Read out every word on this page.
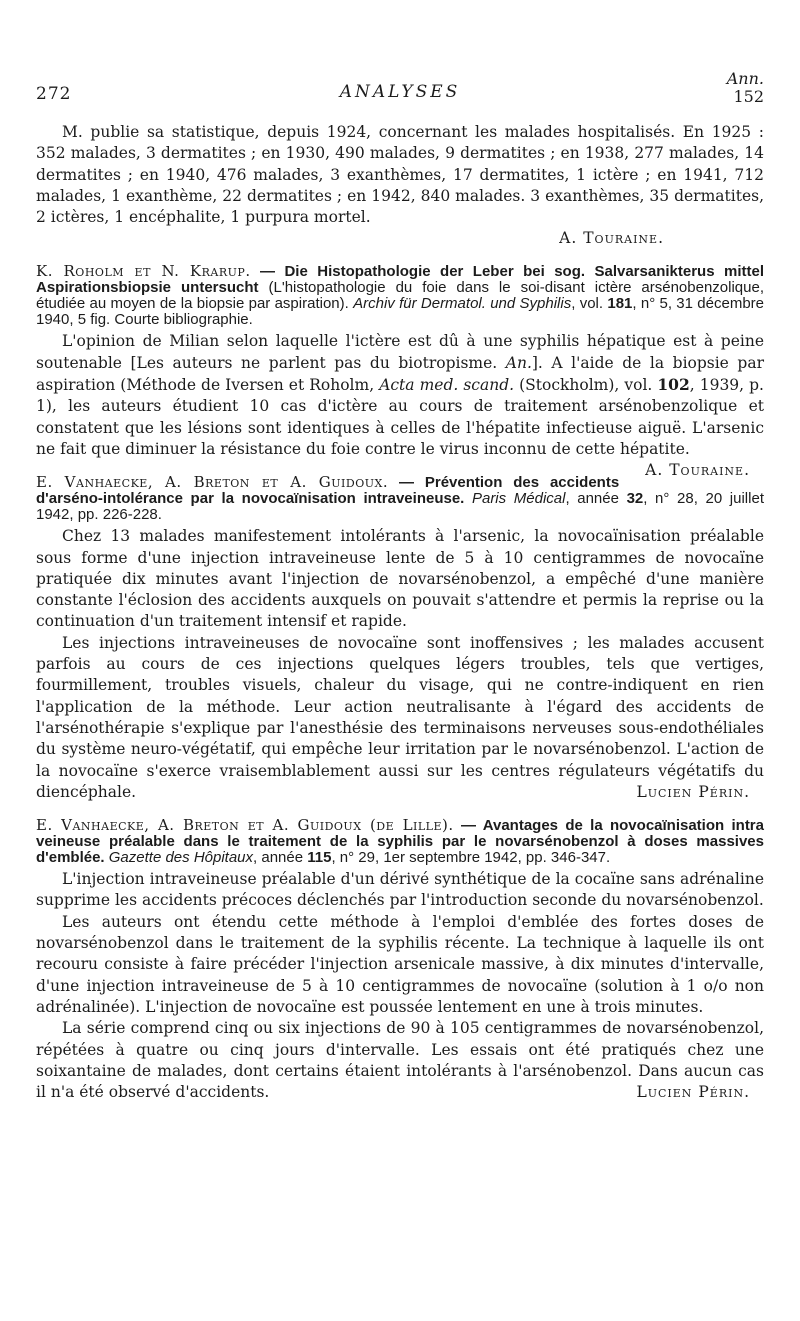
272	ANALYSES
Ann.
152

M. publie sa statistique, depuis 1924, concernant les malades hospitalisés. En 1925 : 352 malades, 3 dermatites ; en 1930, 490 malades, 9 dermatites ; en 1938, 277 malades, 14 dermatites ; en 1940, 476 malades, 3 exanthèmes, 17 dermatites, 1 ictère ; en 1941, 712 malades, 1 exanthème, 22 dermatites ; en 1942, 840 malades. 3 exanthèmes, 35 dermatites, 2 ictères, 1 encéphalite, 1 purpura mortel.

A. Touraine.
K. Roholm et N. Krarup. — Die Histopathologie der Leber bei sog. Salvarsanikterus mittel Aspirationsbiopsie untersucht (L'histopathologie du foie dans le soi-disant ictère arsénobenzolique, étudiée au moyen de la biopsie par aspiration). Archiv für Dermatol. und Syphilis, vol. 181, n° 5, 31 décembre 1940, 5 fig. Courte bibliographie.

L'opinion de Milian selon laquelle l'ictère est dû à une syphilis hépatique est à peine soutenable [Les auteurs ne parlent pas du biotropisme. An.]. A l'aide de la biopsie par aspiration (Méthode de Iversen et Roholm, Acta med. scand. (Stockholm), vol. 102, 1939, p. 1), les auteurs étudient 10 cas d'ictère au cours de traitement arsénobenzolique et constatent que les lésions sont identiques à celles de l'hépatite infectieuse aiguë. L'arsenic ne fait que diminuer la résistance du foie contre le virus inconnu de cette hépatite.
A. Touraine.

E. Vanhaecke, A. Breton et A. Guidoux. — Prévention des accidents d'arséno-intolérance par la novocaïnisation intraveineuse. Paris Médical, année 32, n° 28, 20 juillet 1942, pp. 226-228.

Chez 13 malades manifestement intolérants à l'arsenic, la novocaïnisation préalable sous forme d'une injection intraveineuse lente de 5 à 10 centigrammes de novocaïne pratiquée dix minutes avant l'injection de novarsénobenzol, a empêché d'une manière constante l'éclosion des accidents auxquels on pouvait s'attendre et permis la reprise ou la continuation d'un traitement intensif et rapide.

Les injections intraveineuses de novocaïne sont inoffensives ; les malades accusent parfois au cours de ces injections quelques légers troubles, tels que vertiges, fourmillement, troubles visuels, chaleur du visage, qui ne contre-indiquent en rien l'application de la méthode. Leur action neutralisante à l'égard des accidents de l'arsénothérapie s'explique par l'anesthésie des terminaisons nerveuses sous-endothéliales du système neuro-végétatif, qui empêche leur irritation par le novarsénobenzol. L'action de la novocaïne s'exerce vraisemblablement aussi sur les centres régulateurs végétatifs du diencéphale.	Lucien Périn.

E. Vanhaecke, A. Breton et A. Guidoux (de Lille). — Avantages de la novocaïnisation intra veineuse préalable dans le traitement de la syphilis par le novarsénobenzol à doses massives d'emblée. Gazette des Hôpitaux, année 115, n° 29, 1er septembre 1942, pp. 346-347.

L'injection intraveineuse préalable d'un dérivé synthétique de la cocaïne sans adrénaline supprime les accidents précoces déclenchés par l'introduction seconde du novarsénobenzol.

Les auteurs ont étendu cette méthode à l'emploi d'emblée des fortes doses de novarsénobenzol dans le traitement de la syphilis récente. La technique à laquelle ils ont recouru consiste à faire précéder l'injection arsenicale massive, à dix minutes d'intervalle, d'une injection intraveineuse de 5 à 10 centigrammes de novocaïne (solution à 1 o/o non adrénalinée). L'injection de novocaïne est poussée lentement en une à trois minutes.

La série comprend cinq ou six injections de 90 à 105 centigrammes de novarsénobenzol, répétées à quatre ou cinq jours d'intervalle. Les essais ont été pratiqués chez une soixantaine de malades, dont certains étaient intolérants à l'arsénobenzol. Dans aucun cas il n'a été observé d'accidents.	Lucien Périn.
